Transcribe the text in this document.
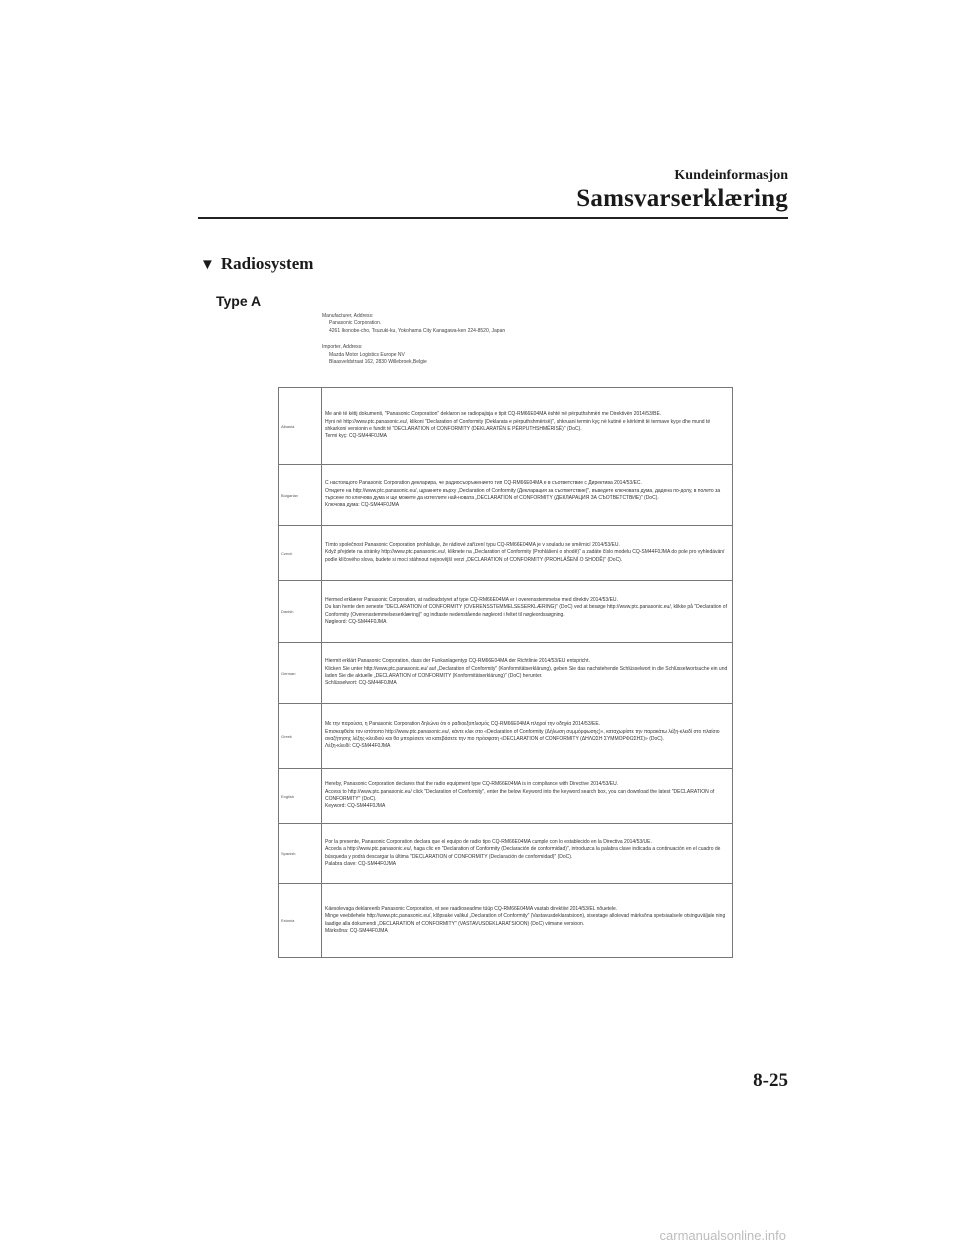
Kundeinformasjon
Samsvarserklæring
▼ Radiosystem
Type A
Manufacturer, Address:
Panasonic Corporation.
4261 Ikonobe-cho, Tsuzuki-ku, Yokohama City Kanagawa-ken 224-8520, Japan
Importer, Address:
Mazda Motor Logistics Europe NV
Blaasveldstraat 162, 2830 Willebroek,Belgie
Albania	Me anë të këtij dokumenti, "Panasonic Corporation" deklaron se radiopajisja e tipit CQ-RM66E04MA është në përputhshmëri me Direktivën 2014/53/BE.
Hyni në http://www.ptc.panasonic.eu/, klikoni "Declaration of Conformity (Deklarata e përputhshmërisë)", shkruani termin kyç në kutinë e kërkimit të termave kyçe dhe mund të shkarkoni versionin e fundit të "DECLARATION of CONFORMITY (DEKLARATËN E PËRPUTHSHMËRISË)" (DoC).
Termi kyç: CQ-SM44F0JMA
Bulgarian	С настоящото Panasonic Corporation декларира, че радиосъоръжението тип CQ-RM66E04MA е в съответствие с Директива 2014/53/ЕС.
Отидете на http://www.ptc.panasonic.eu/, щракнете върху „Declaration of Conformity (Декларация за съответствие)", въведете ключовата дума, дадена по-долу, в полето за търсене по ключова дума и ще можете да изтеглите най-новата „DECLARATION of CONFORMITY (ДЕКЛАРАЦИЯ ЗА СЪОТВЕТСТВИЕ)" (DoC).
Ключова дума: CQ-SM44F0JMA
Czech	Tímto společnost Panasonic Corporation prohlašuje, že rádiové zařízení typu CQ-RM66E04MA je v souladu se směrnicí 2014/53/EU.
Když přejdete na stránky http://www.ptc.panasonic.eu/, kliknete na „Declaration of Conformity (Prohlášení o shodě)" a zadáte číslo modelu CQ-SM44F0JMA do pole pro vyhledávání podle klíčového slova, budete si moci stáhnout nejnovější verzi „DECLARATION of CONFORMITY (PROHLÁŠENÍ O SHODĚ)" (DoC).
Danish	Hermed erklærer Panasonic Corporation, at radioudstyret af type CQ-RM66E04MA er i overensstemmelse med direktiv 2014/53/EU.
Du kan hente den seneste "DECLARATION of CONFORMITY (OVERENSSTEMMELSESERKLÆRING)" (DoC) ved at besøge http://www.ptc.panasonic.eu/, klikke på "Declaration of Conformity (Overensstemmelseserklæring)" og indtaste nedenstående nøgleord i feltet til nøgleordssøgning.
Nøgleord: CQ-SM44F0JMA
German	Hiermit erklärt Panasonic Corporation, dass der Funkanlagentyp CQ-RM66E04MA der Richtlinie 2014/53/EU entspricht.
Klicken Sie unter http://www.ptc.panasonic.eu/ auf „Declaration of Conformity" (Konformitätserklärung), geben Sie das nachstehende Schlüsselwort in die Schlüsselwortsuche ein und laden Sie die aktuelle „DECLARATION of CONFORMITY (Konformitätserklärung)" (DoC) herunter.
Schlüsselwort: CQ-SM44F0JMA
Greek	Με την παρούσα, η Panasonic Corporation δηλώνει ότι ο ραδιοεξοπλισμός CQ-RM66E04MA πληροί την οδηγία 2014/53/ΕΕ.
Επισκεφθείτε τον ιστότοπο http://www.ptc.panasonic.eu/, κάντε κλικ στο «Declaration of Conformity (Δήλωση συμμόρφωσης)», καταχωρίστε την παρακάτω λέξη-κλειδί στο πλαίσιο αναζήτησης λέξης-κλειδιού και θα μπορέσετε να κατεβάσετε την πιο πρόσφατη «DECLARATION of CONFORMITY (ΔΗΛΩΣΗ ΣΥΜΜΟΡΦΩΣΗΣ)» (DoC).
Λέξη-κλειδί: CQ-SM44F0JMA
English	Hereby, Panasonic Corporation declares that the radio equipment type CQ-RM66E04MA is in compliance with Directive 2014/53/EU.
Access to http://www.ptc.panasonic.eu/ click "Declaration of Conformity", enter the below Keyword into the keyword search box, you can download the latest "DECLARATION of CONFORMITY" (DoC).
Keyword: CQ-SM44F0JMA
Spanish	Por la presente, Panasonic Corporation declara que el equipo de radio tipo CQ-RM66E04MA cumple con lo establecido en la Directiva 2014/53/UE.
Acceda a http://www.ptc.panasonic.eu/, haga clic en "Declaration of Conformity (Declaración de conformidad)", introduzca la palabra clave indicada a continuación en el cuadro de búsqueda y podrá descargar la última "DECLARATION of CONFORMITY (Declaración de conformidad)" (DoC).
Palabra clave: CQ-SM44F0JMA
Estonia	Käesolevaga deklareerib Panasonic Corporation, et see raadioseadme tüüp CQ-RM66E04MA vastab direktiivi 2014/53/EL nõuetele.
Minge veebilehele http://www.ptc.panasonic.eu/, klõpsake valikul „Declaration of Conformity" (Vastavusdeklaratsioon), sisestage allolevad märksõna spetsiaalsele otsinguväljale ning laadige alla dokumendi „DECLARATION of CONFORMITY" (VASTAVUSDEKLARATSIOON) (DoC) viimane versioon.
Märksõna: CQ-SM44F0JMA
8-25
carmanualsonline.info
